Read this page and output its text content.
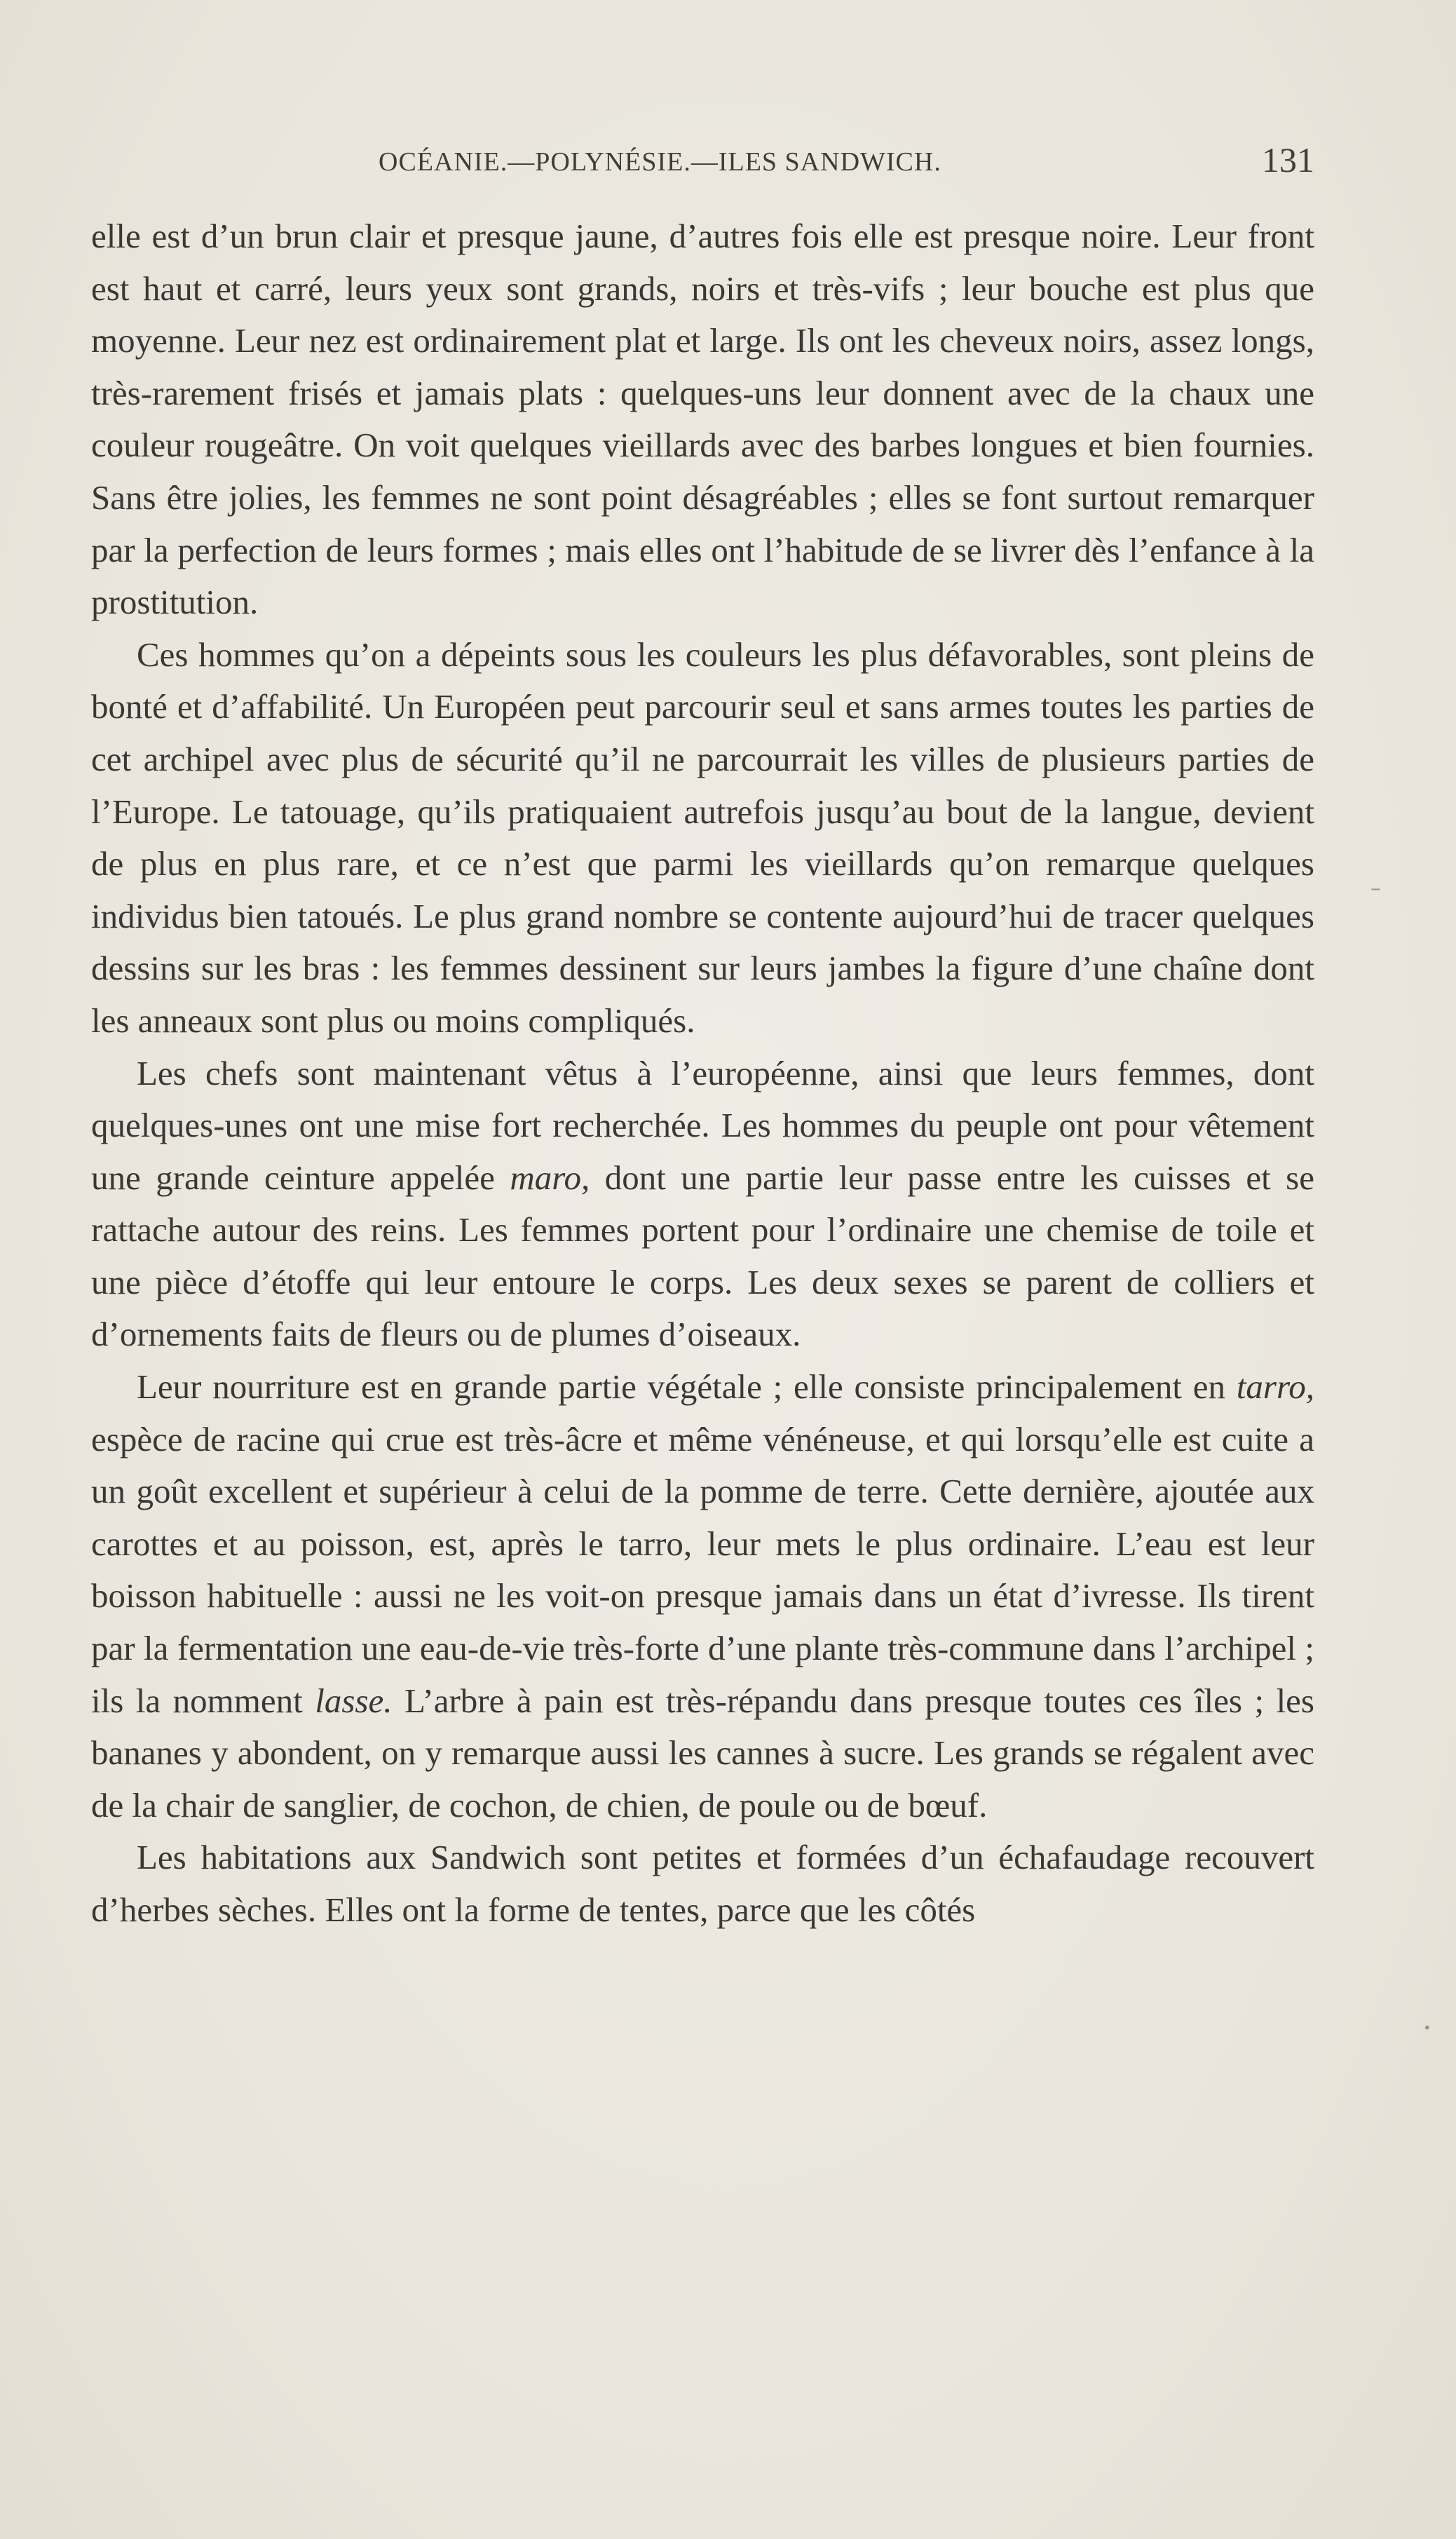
OCÉANIE.—POLYNÉSIE.—ILES SANDWICH.	131

elle est d’un brun clair et presque jaune, d’autres fois elle est presque noire. Leur front est haut et carré, leurs yeux sont grands, noirs et très-vifs ; leur bouche est plus que moyenne. Leur nez est ordinairement plat et large. Ils ont les cheveux noirs, assez longs, très-rarement frisés et jamais plats : quelques-uns leur donnent avec de la chaux une couleur rougeâtre. On voit quelques vieillards avec des barbes longues et bien fournies. Sans être jolies, les femmes ne sont point désagréables ; elles se font surtout remarquer par la perfection de leurs formes ; mais elles ont l’habitude de se livrer dès l’enfance à la prostitution.

Ces hommes qu’on a dépeints sous les couleurs les plus défavorables, sont pleins de bonté et d’affabilité. Un Européen peut parcourir seul et sans armes toutes les parties de cet archipel avec plus de sécurité qu’il ne parcourrait les villes de plusieurs parties de l’Europe. Le tatouage, qu’ils pratiquaient autrefois jusqu’au bout de la langue, devient de plus en plus rare, et ce n’est que parmi les vieillards qu’on remarque quelques individus bien tatoués. Le plus grand nombre se contente aujourd’hui de tracer quelques dessins sur les bras : les femmes dessinent sur leurs jambes la figure d’une chaîne dont les anneaux sont plus ou moins compliqués.

Les chefs sont maintenant vêtus à l’européenne, ainsi que leurs femmes, dont quelques-unes ont une mise fort recherchée. Les hommes du peuple ont pour vêtement une grande ceinture appelée maro, dont une partie leur passe entre les cuisses et se rattache autour des reins. Les femmes portent pour l’ordinaire une chemise de toile et une pièce d’étoffe qui leur entoure le corps. Les deux sexes se parent de colliers et d’ornements faits de fleurs ou de plumes d’oiseaux.

Leur nourriture est en grande partie végétale ; elle consiste principalement en tarro, espèce de racine qui crue est très-âcre et même vénéneuse, et qui lorsqu’elle est cuite a un goût excellent et supérieur à celui de la pomme de terre. Cette dernière, ajoutée aux carottes et au poisson, est, après le tarro, leur mets le plus ordinaire. L’eau est leur boisson habituelle : aussi ne les voit-on presque jamais dans un état d’ivresse. Ils tirent par la fermentation une eau-de-vie très-forte d’une plante très-commune dans l’archipel ; ils la nomment lasse. L’arbre à pain est très-répandu dans presque toutes ces îles ; les bananes y abondent, on y remarque aussi les cannes à sucre. Les grands se régalent avec de la chair de sanglier, de cochon, de chien, de poule ou de bœuf.

Les habitations aux Sandwich sont petites et formées d’un échafaudage recouvert d’herbes sèches. Elles ont la forme de tentes, parce que les côtés

–
•
